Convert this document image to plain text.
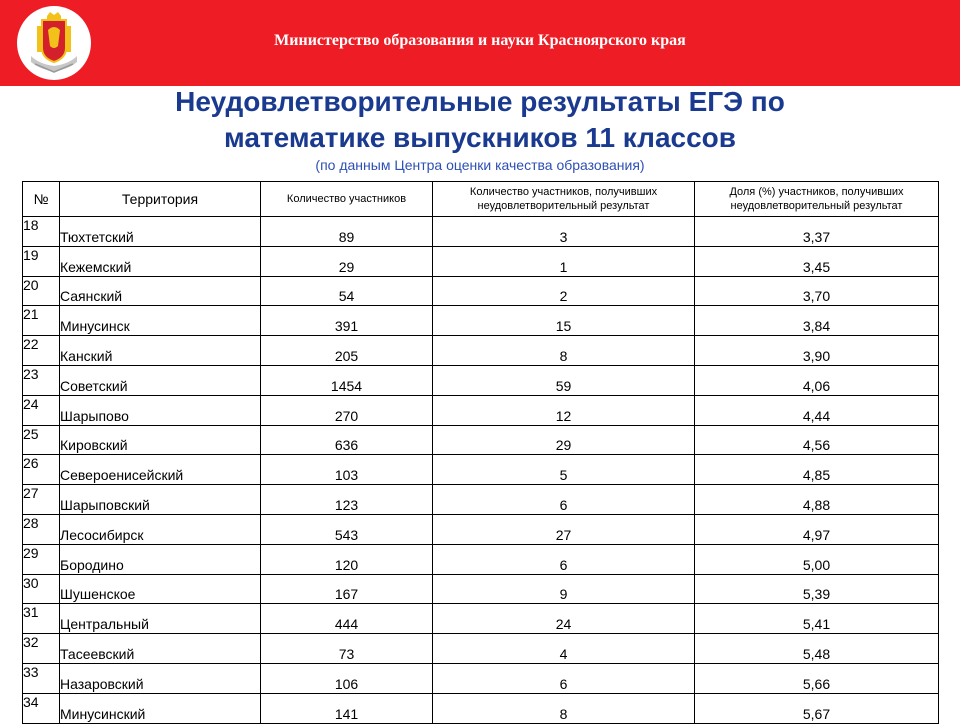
Министерство образования и науки Красноярского края
Неудовлетворительные результаты ЕГЭ по
математике выпускников 11 классов
(по данным Центра оценки качества образования)
№	Территория	Количество участников	Количество участников, получивших неудовлетворительный результат	Доля (%) участников, получивших неудовлетворительный результат
18	Тюхтетский	89	3	3,37
19	Кежемский	29	1	3,45
20	Саянский	54	2	3,70
21	Минусинск	391	15	3,84
22	Канский	205	8	3,90
23	Советский	1454	59	4,06
24	Шарыпово	270	12	4,44
25	Кировский	636	29	4,56
26	Североенисейский	103	5	4,85
27	Шарыповский	123	6	4,88
28	Лесосибирск	543	27	4,97
29	Бородино	120	6	5,00
30	Шушенское	167	9	5,39
31	Центральный	444	24	5,41
32	Тасеевский	73	4	5,48
33	Назаровский	106	6	5,66
34	Минусинский	141	8	5,67
